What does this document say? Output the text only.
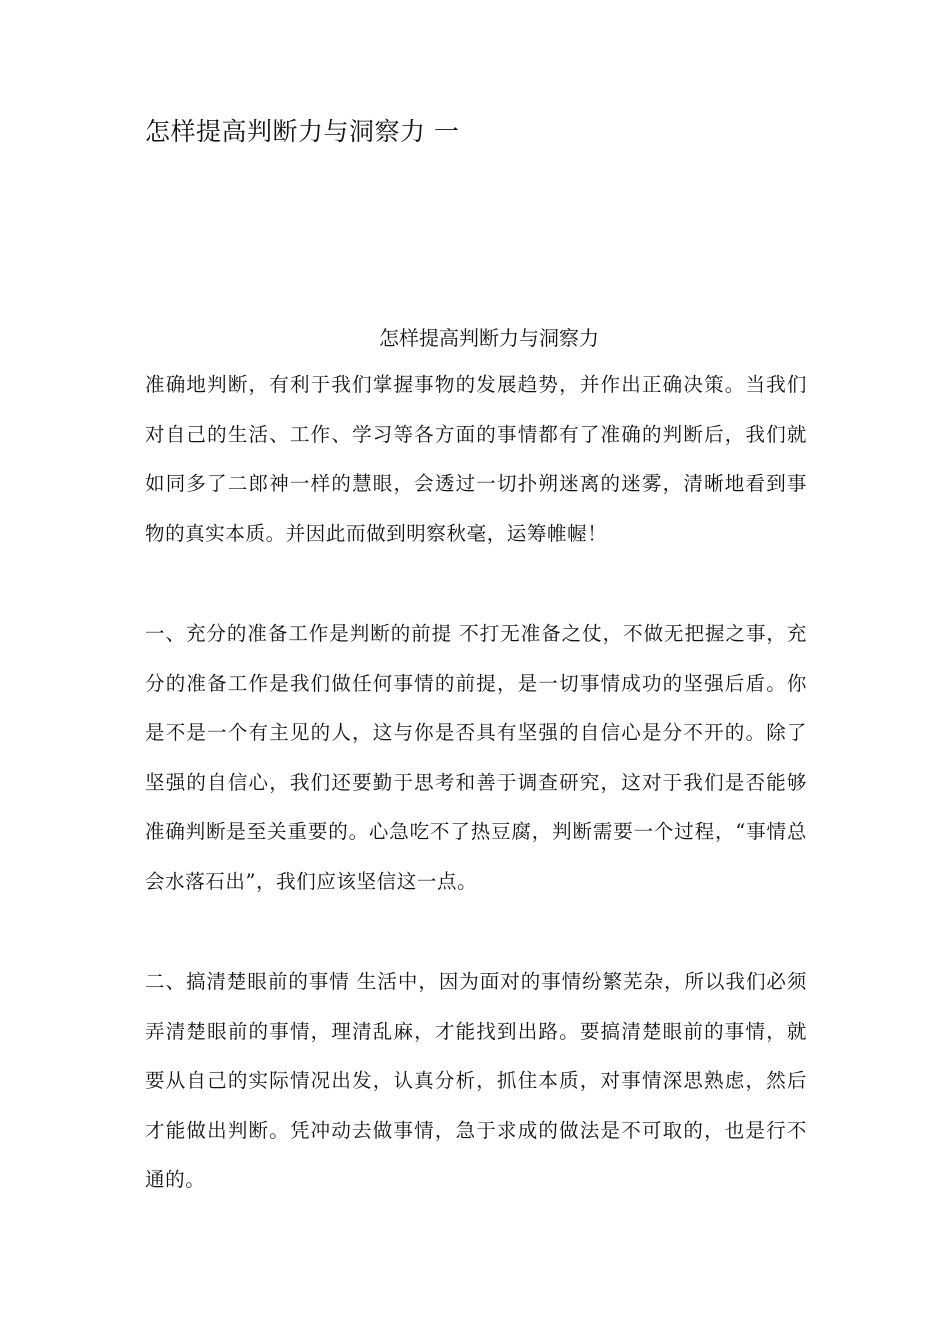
怎样提高判断力与洞察力 一
怎样提高判断力与洞察力

准确地判断，有利于我们掌握事物的发展趋势，并作出正确决策。当我们对自己的生活、工作、学习等各方面的事情都有了准确的判断后，我们就如同多了二郎神一样的慧眼，会透过一切扑朔迷离的迷雾，清晰地看到事物的真实本质。并因此而做到明察秋毫，运筹帷幄！

一、充分的准备工作是判断的前提 不打无准备之仗，不做无把握之事，充分的准备工作是我们做任何事情的前提，是一切事情成功的坚强后盾。你是不是一个有主见的人，这与你是否具有坚强的自信心是分不开的。除了坚强的自信心，我们还要勤于思考和善于调查研究，这对于我们是否能够准确判断是至关重要的。心急吃不了热豆腐，判断需要一个过程，“事情总会水落石出”，我们应该坚信这一点。

二、搞清楚眼前的事情 生活中，因为面对的事情纷繁芜杂，所以我们必须弄清楚眼前的事情，理清乱麻，才能找到出路。要搞清楚眼前的事情，就要从自己的实际情况出发，认真分析，抓住本质，对事情深思熟虑，然后才能做出判断。凭冲动去做事情，急于求成的做法是不可取的，也是行不通的。
